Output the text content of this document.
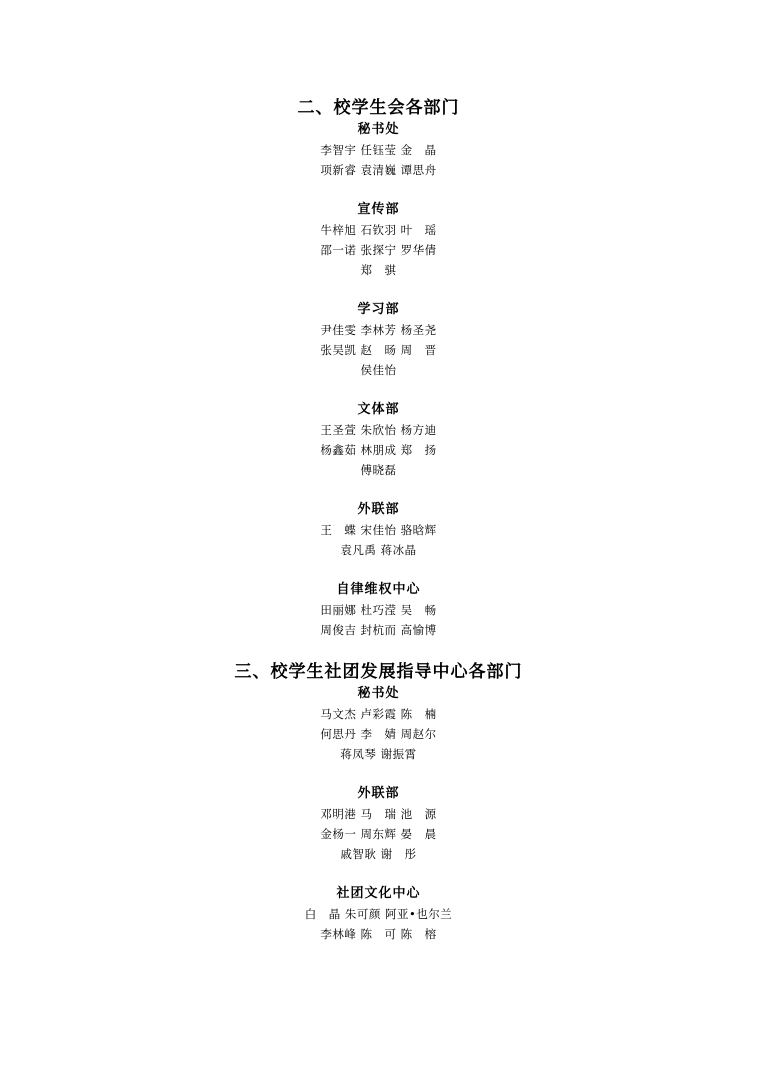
二、校学生会各部门
秘书处
李智宇 任钰莹 金　晶
项新睿 袁清巍 谭思舟
宣传部
牛梓旭 石钦羽 叶　瑶
邵一诺 张探宁 罗华倩
郑　骐
学习部
尹佳雯 李林芳 杨圣尧
张吴凯 赵　旸 周　晋
侯佳怡
文体部
王圣萱 朱欣怡 杨方迪
杨鑫茹 林朋成 郑　扬
傅晓磊
外联部
王　蝶 宋佳怡 骆晗辉
袁凡禹 蒋冰晶
自律维权中心
田丽娜 杜巧滢 吴　畅
周俊吉 封杭而 高愉博
三、校学生社团发展指导中心各部门
秘书处
马文杰 卢彩霞 陈　楠
何思丹 李　婧 周赵尔
蒋凤琴 谢振霄
外联部
邓明港 马　瑞 池　源
金杨一 周东辉 晏　晨
戚智耿 谢　彤
社团文化中心
白　晶 朱可颜 阿亚•也尔兰
李林峰 陈　可 陈　榕
